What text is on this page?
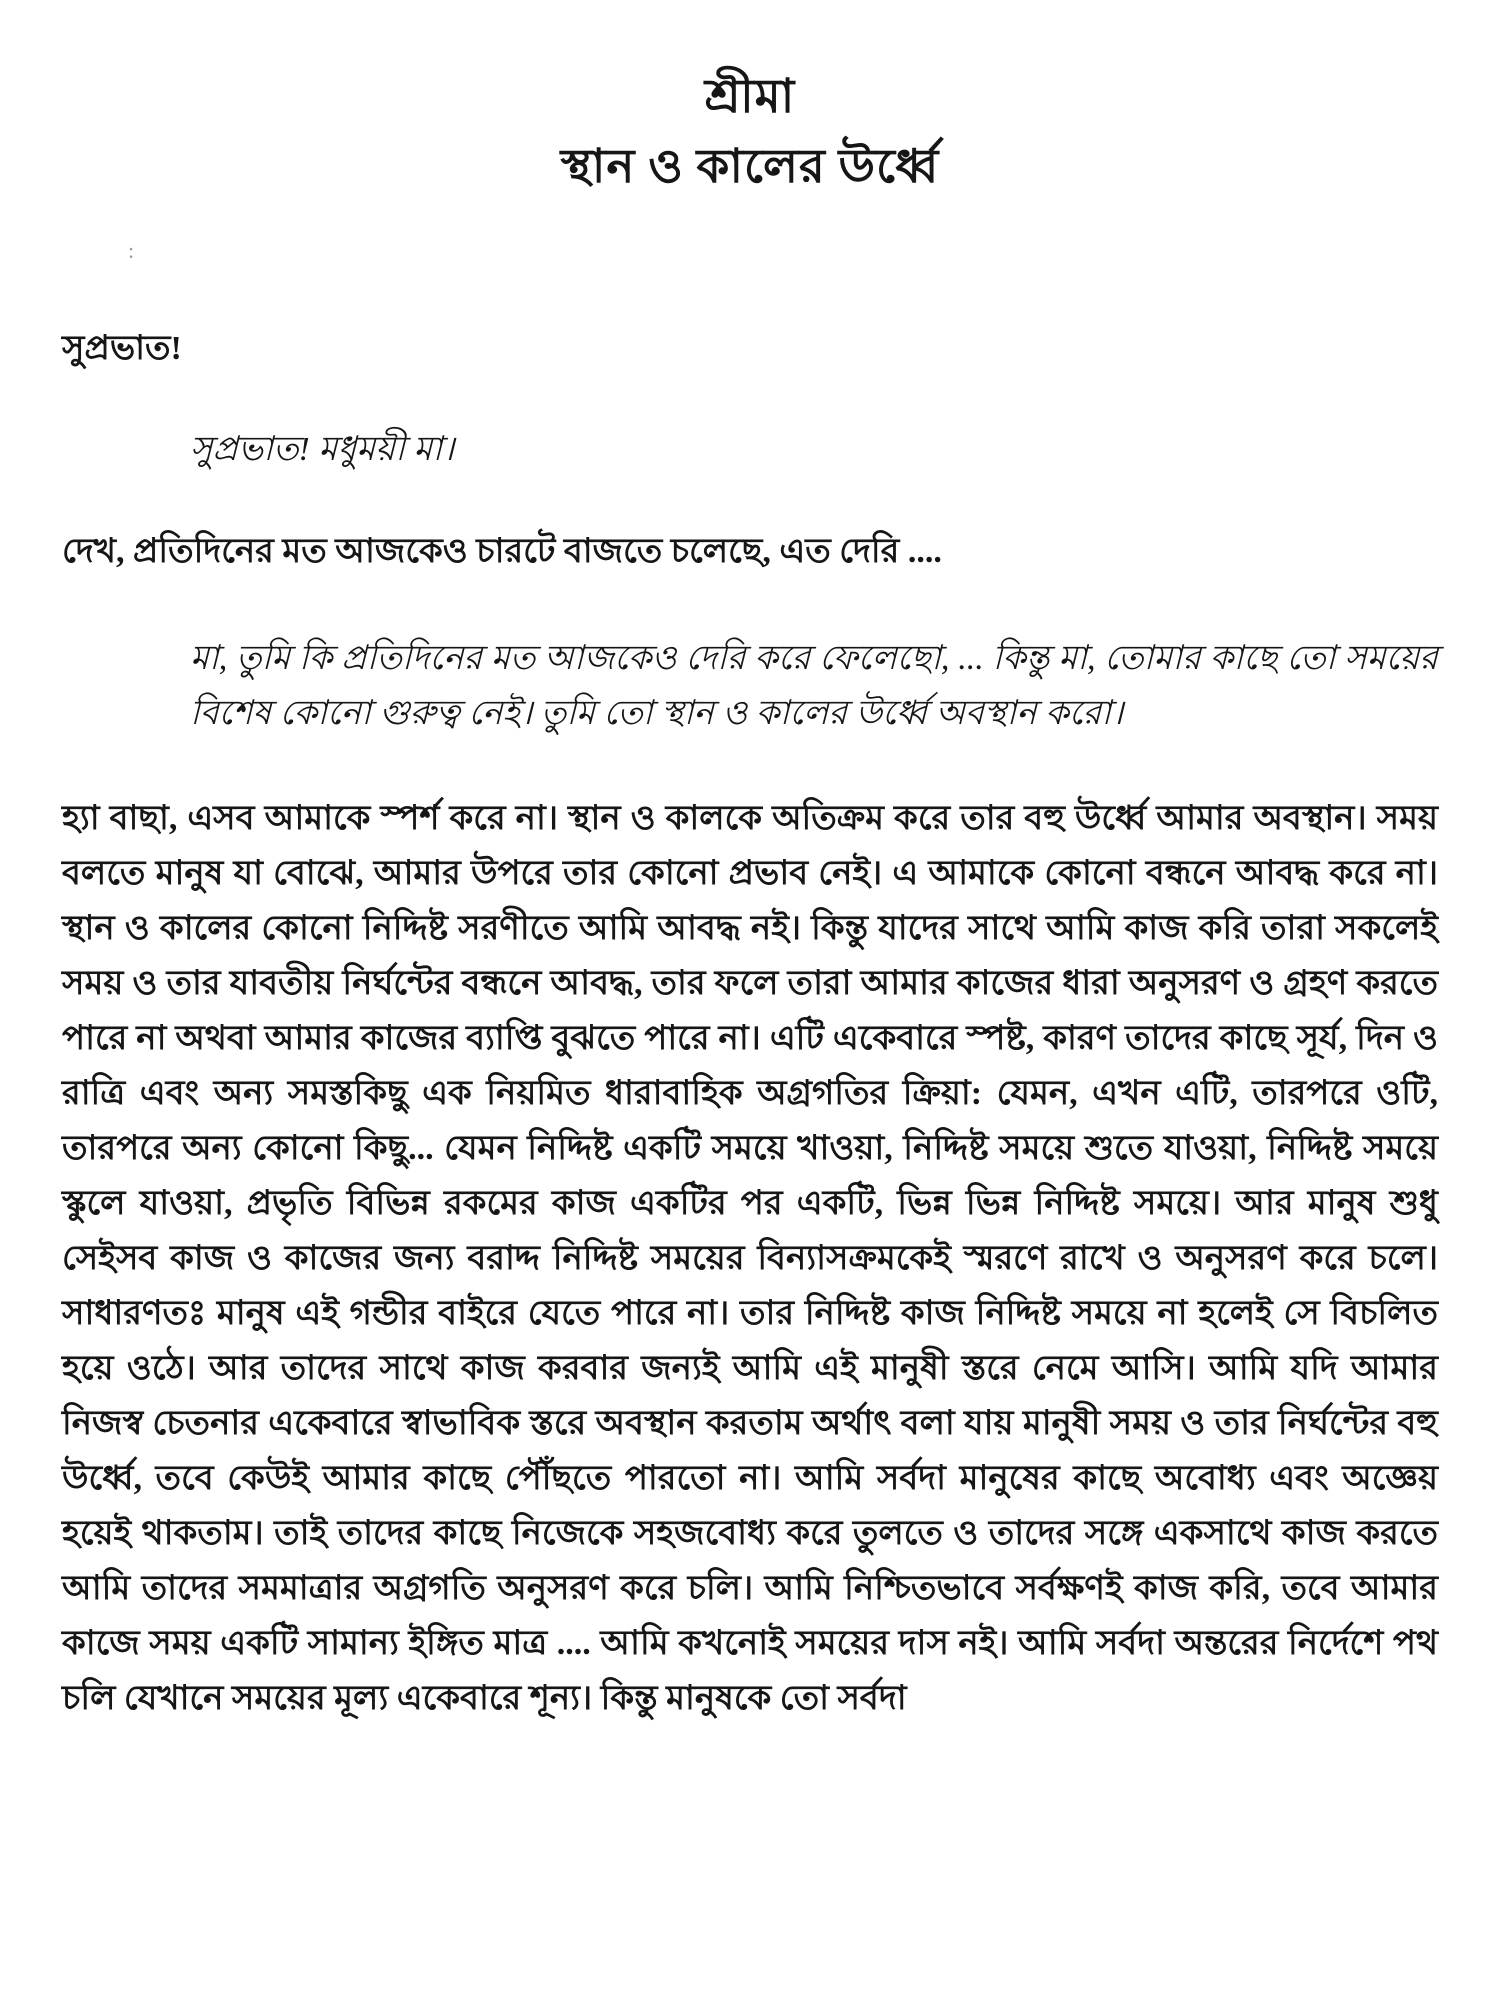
শ্রীমা
স্থান ও কালের উর্ধ্বে
:
সুপ্রভাত!
সুপ্রভাত! মধুময়ী মা।
দেখ, প্রতিদিনের মত আজকেও চারটে বাজতে চলেছে, এত দেরি ....
মা, তুমি কি প্রতিদিনের মত আজকেও দেরি করে ফেলেছো, ... কিন্তু মা, তোমার কাছে তো সময়ের বিশেষ কোনো গুরুত্ব নেই। তুমি তো স্থান ও কালের উর্ধ্বে অবস্থান করো।
হ্যা বাছা, এসব আমাকে স্পর্শ করে না। স্থান ও কালকে অতিক্রম করে তার বহু উর্ধ্বে আমার অবস্থান। সময় বলতে মানুষ যা বোঝে, আমার উপরে তার কোনো প্রভাব নেই। এ আমাকে কোনো বন্ধনে আবদ্ধ করে না। স্থান ও কালের কোনো নিদ্দিষ্ট সরণীতে আমি আবদ্ধ নই। কিন্তু যাদের সাথে আমি কাজ করি তারা সকলেই সময় ও তার যাবতীয় নির্ঘন্টের বন্ধনে আবদ্ধ, তার ফলে তারা আমার কাজের ধারা অনুসরণ ও গ্রহণ করতে পারে না অথবা আমার কাজের ব্যাপ্তি বুঝতে পারে না। এটি একেবারে স্পষ্ট, কারণ তাদের কাছে সূর্য, দিন ও রাত্রি এবং অন্য সমস্তকিছু এক নিয়মিত ধারাবাহিক অগ্রগতির ক্রিয়া: যেমন, এখন এটি, তারপরে ওটি, তারপরে অন্য কোনো কিছু... যেমন নিদ্দিষ্ট একটি সময়ে খাওয়া, নিদ্দিষ্ট সময়ে শুতে যাওয়া, নিদ্দিষ্ট সময়ে স্কুলে যাওয়া, প্রভৃতি বিভিন্ন রকমের কাজ একটির পর একটি, ভিন্ন ভিন্ন নিদ্দিষ্ট সময়ে। আর মানুষ শুধু সেইসব কাজ ও কাজের জন্য বরাদ্দ নিদ্দিষ্ট সময়ের বিন্যাসক্রমকেই স্মরণে রাখে ও অনুসরণ করে চলে। সাধারণতঃ মানুষ এই গন্ডীর বাইরে যেতে পারে না। তার নিদ্দিষ্ট কাজ নিদ্দিষ্ট সময়ে না হলেই সে বিচলিত হয়ে ওঠে। আর তাদের সাথে কাজ করবার জন্যই আমি এই মানুষী স্তরে নেমে আসি। আমি যদি আমার নিজস্ব চেতনার একেবারে স্বাভাবিক স্তরে অবস্থান করতাম অর্থাৎ বলা যায় মানুষী সময় ও তার নির্ঘন্টের বহু উর্ধ্বে, তবে কেউই আমার কাছে পৌঁছতে পারতো না। আমি সর্বদা মানুষের কাছে অবোধ্য এবং অজ্ঞেয় হয়েই থাকতাম। তাই তাদের কাছে নিজেকে সহজবোধ্য করে তুলতে ও তাদের সঙ্গে একসাথে কাজ করতে আমি তাদের সমমাত্রার অগ্রগতি অনুসরণ করে চলি। আমি নিশ্চিতভাবে সর্বক্ষণই কাজ করি, তবে আমার কাজে সময় একটি সামান্য ইঙ্গিত মাত্র .... আমি কখনোই সময়ের দাস নই। আমি সর্বদা অন্তরের নির্দেশে পথ চলি যেখানে সময়ের মূল্য একেবারে শূন্য। কিন্তু মানুষকে তো সর্বদা
